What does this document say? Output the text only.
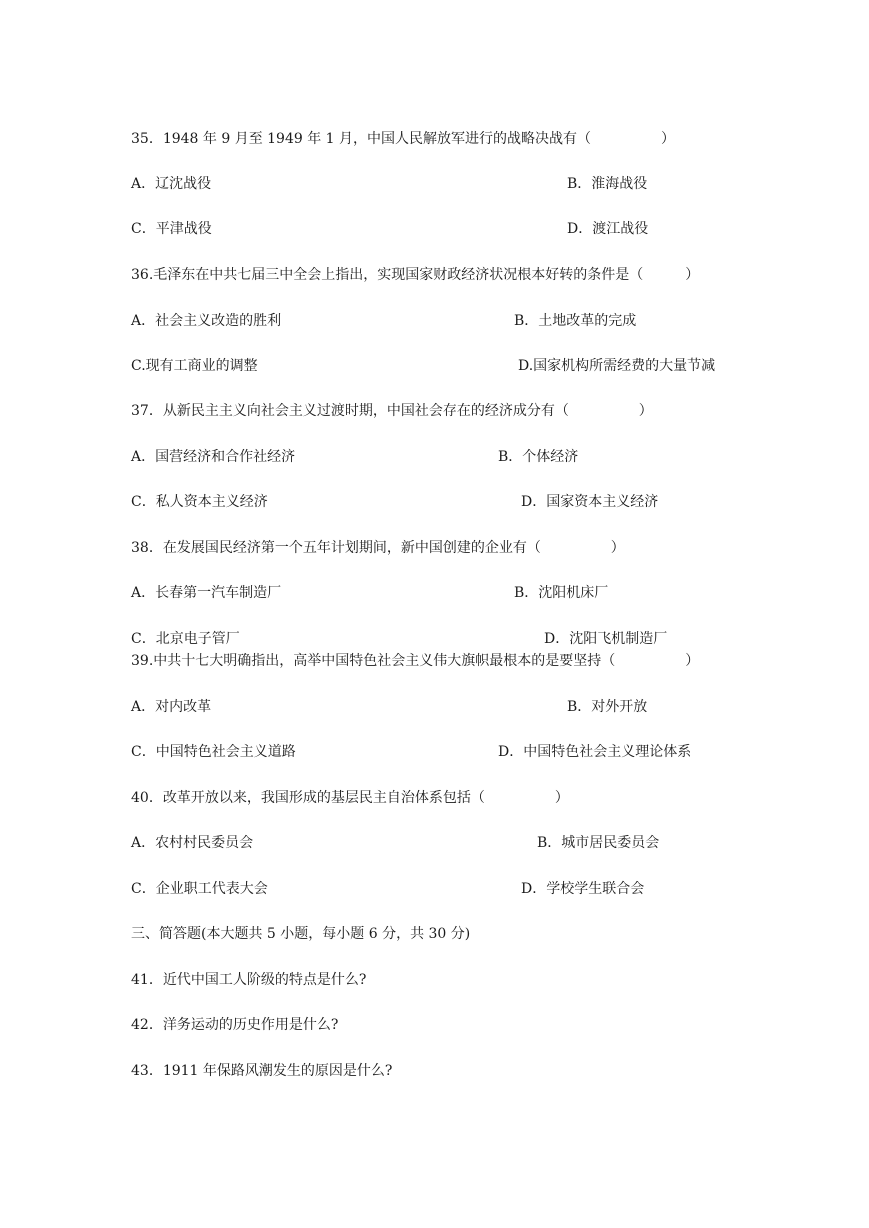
35．1948 年 9 月至 1949 年 1 月，中国人民解放军进行的战略决战有（　　　　　）
A．辽沈战役	B．淮海战役
C．平津战役	D．渡江战役
36.毛泽东在中共七届三中全会上指出，实现国家财政经济状况根本好转的条件是（　　　）
A．社会主义改造的胜利	B．土地改革的完成
C.现有工商业的调整	D.国家机构所需经费的大量节减
37．从新民主主义向社会主义过渡时期，中国社会存在的经济成分有（　　　　　）
A．国营经济和合作社经济	B．个体经济
C．私人资本主义经济	D．国家资本主义经济
38．在发展国民经济第一个五年计划期间，新中国创建的企业有（　　　　　）
A．长春第一汽车制造厂	B．沈阳机床厂
C．北京电子管厂	D．沈阳飞机制造厂
39.中共十七大明确指出，高举中国特色社会主义伟大旗帜最根本的是要坚持（　　　　　）
A．对内改革	B．对外开放
C．中国特色社会主义道路	D．中国特色社会主义理论体系
40．改革开放以来，我国形成的基层民主自治体系包括（　　　　　）
A．农村村民委员会	B．城市居民委员会
C．企业职工代表大会	D．学校学生联合会
三、简答题(本大题共 5 小题，每小题 6 分，共 30 分)
41．近代中国工人阶级的特点是什么?
42．洋务运动的历史作用是什么?
43．1911 年保路风潮发生的原因是什么?
